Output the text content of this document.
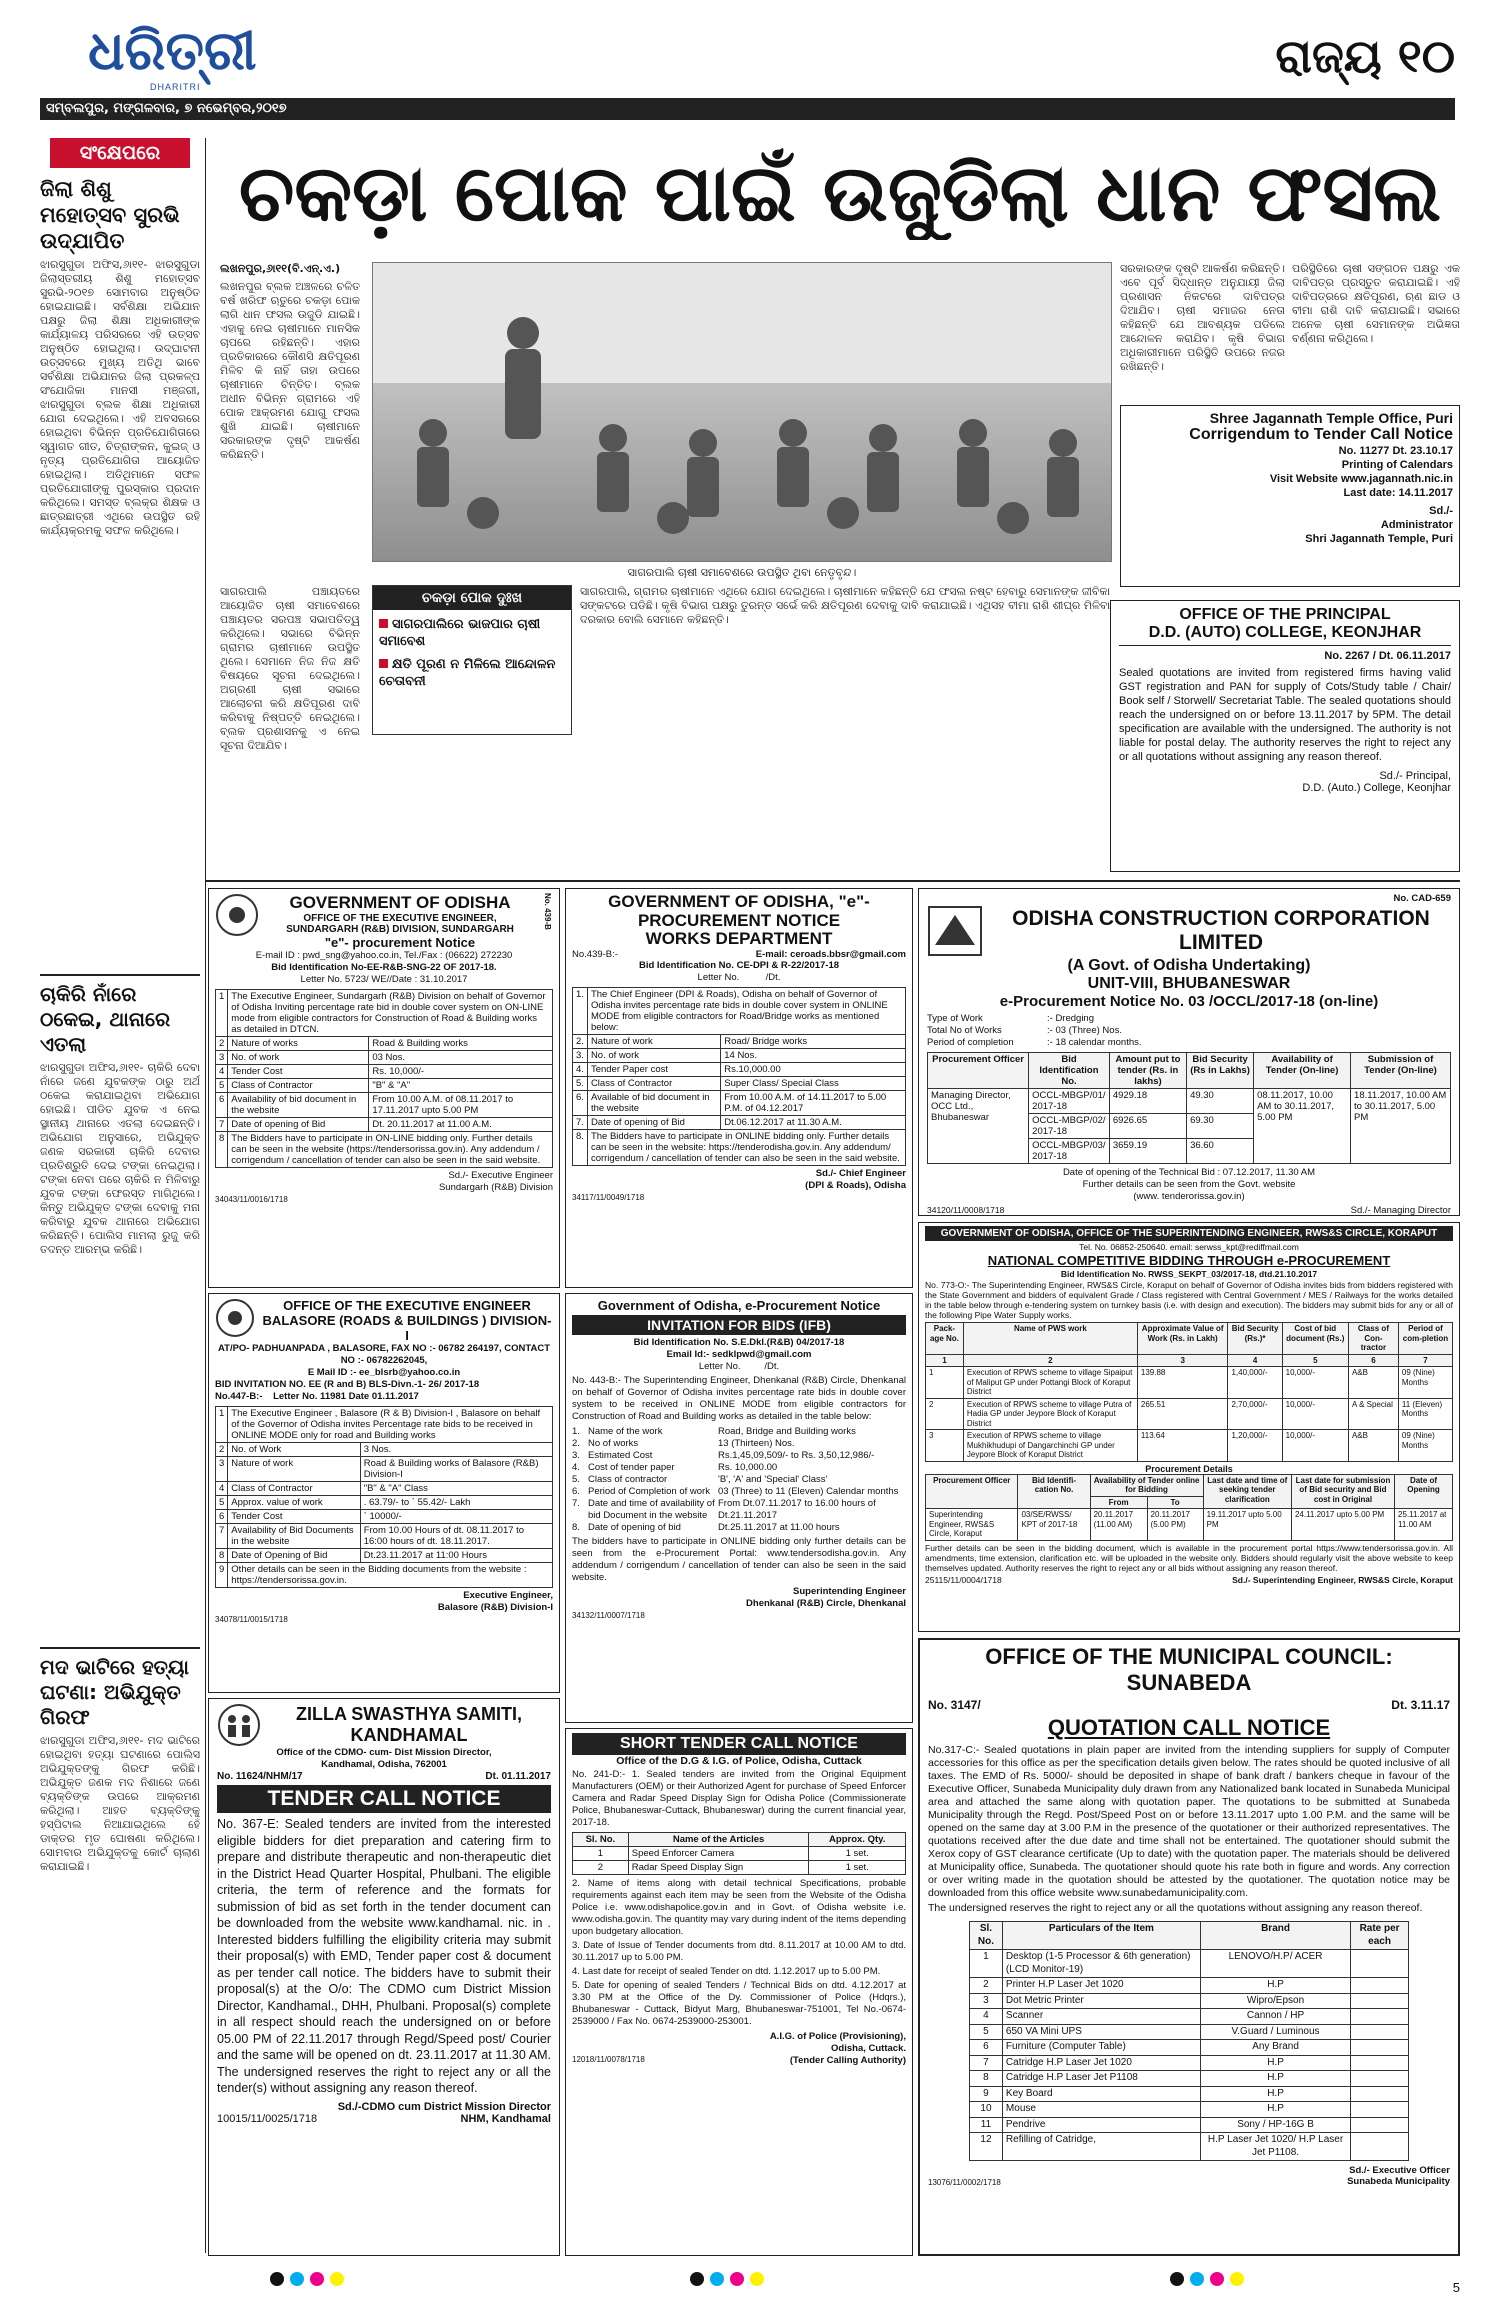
ଧରିତ୍ରୀ
DHARITRI
ସମ୍ବଲପୁର, ମଙ୍ଗଳବାର, ୭ ନଭେମ୍ବର,୨୦୧୭
ରାଜ୍ୟ ୧୦
ସଂକ୍ଷେପରେ
ଜିଲା ଶିଶୁ ମହୋତ୍ସବ ସୁରଭି ଉଦ୍‌ଯାପିତ
ଝାରସୁଗୁଡା ଅଫିସ,୬ା୧୧- ଝାରସୁଗୁଡା ଜିଲାସ୍ତରୀୟ ଶିଶୁ ମହୋତ୍ସବ ସୁରଭି-୨୦୧୭ ସୋମବାର ଅନୁଷ୍ଠିତ ହୋଇଯାଇଛି। ସର୍ବଶିକ୍ଷା ଅଭିଯାନ ପକ୍ଷରୁ ଜିଲା ଶିକ୍ଷା ଅଧିକାରୀଙ୍କ କାର୍ଯ୍ୟାଳୟ ପରିସରରେ ଏହି ଉତ୍ସବ ଅନୁଷ୍ଠିତ ହୋଇଥିଲା। ଉଦ୍‌ଘାଟନୀ ଉତ୍ସବରେ ମୁଖ୍ୟ ଅତିଥି ଭାବେ ସର୍ବଶିକ୍ଷା ଅଭିଯାନର ଜିଲା ପ୍ରକଳ୍ପ ସଂଯୋଜିକା ମାନସୀ ମଞ୍ଜରୀ, ଝାରସୁଗୁଡା ବ୍ଲକ ଶିକ୍ଷା ଅଧିକାରୀ ଯୋଗ ଦେଇଥିଲେ। ଏହି ଅବସରରେ ହୋଇଥିବା ବିଭିନ୍ନ ପ୍ରତିଯୋଗିତାରେ ସ୍ୱାଗତ ଗୀତ, ଚିତ୍ରାଙ୍କନ, କୁଇଜ୍‌ ଓ ନୃତ୍ୟ ପ୍ରତିଯୋଗିତା ଆୟୋଜିତ ହୋଇଥିଲା। ଅତିଥିମାନେ ସଫଳ ପ୍ରତିଯୋଗୀଙ୍କୁ ପୁରସ୍କାର ପ୍ରଦାନ କରିଥିଲେ। ସମସ୍ତ ବ୍ଲକ୍‌ର ଶିକ୍ଷକ ଓ ଛାତ୍ରଛାତ୍ରୀ ଏଥିରେ ଉପସ୍ଥିତ ରହି କାର୍ଯ୍ୟକ୍ରମକୁ ସଫଳ କରିଥିଲେ।
ଚାକିରି ନାଁରେ ଠକେଇ, ଥାନାରେ ଏତଲା
ଝାରସୁଗୁଡା ଅଫିସ,୬ା୧୧- ଚାକିରି ଦେବା ନାଁରେ ଜଣେ ଯୁବକଙ୍କ ଠାରୁ ଅର୍ଥ ଠକେଇ କରାଯାଇଥିବା ଅଭିଯୋଗ ହୋଇଛି। ପୀଡିତ ଯୁବକ ଏ ନେଇ ସ୍ଥାନୀୟ ଥାନାରେ ଏତଲା ଦେଇଛନ୍ତି। ଅଭିଯୋଗ ଅନୁସାରେ, ଅଭିଯୁକ୍ତ ଜଣକ ସରକାରୀ ଚାକିରି ଦେବାର ପ୍ରତିଶ୍ରୁତି ଦେଇ ଟଙ୍କା ନେଇଥିଲା। ଟଙ୍କା ନେବା ପରେ ଚାକିରି ନ ମିଳିବାରୁ ଯୁବକ ଟଙ୍କା ଫେରସ୍ତ ମାଗିଥିଲେ। କିନ୍ତୁ ଅଭିଯୁକ୍ତ ଟଙ୍କା ଦେବାକୁ ମନା କରିବାରୁ ଯୁବକ ଥାନାରେ ଅଭିଯୋଗ କରିଛନ୍ତି। ପୋଲିସ ମାମଲା ରୁଜୁ କରି ତଦନ୍ତ ଆରମ୍ଭ କରିଛି।
ମଦ ଭାଟିରେ ହତ୍ୟା ଘଟଣା: ଅଭିଯୁକ୍ତ ଗିରଫ
ଝାରସୁଗୁଡା ଅଫିସ,୬ା୧୧- ମଦ ଭାଟିରେ ହୋଇଥିବା ହତ୍ୟା ଘଟଣାରେ ପୋଲିସ ଅଭିଯୁକ୍ତଙ୍କୁ ଗିରଫ କରିଛି। ଅଭିଯୁକ୍ତ ଜଣକ ମଦ ନିଶାରେ ଜଣେ ବ୍ୟକ୍ତିଙ୍କ ଉପରେ ଆକ୍ରମଣ କରିଥିଲା। ଆହତ ବ୍ୟକ୍ତିଙ୍କୁ ହସ୍ପିଟାଲ ନିଆଯାଇଥିଲେ ହେଁ ଡାକ୍ତର ମୃତ ଘୋଷଣା କରିଥିଲେ। ସୋମବାର ଅଭିଯୁକ୍ତକୁ କୋର୍ଟ ଚାଲାଣ କରାଯାଇଛି।
ଚକଡ଼ା ପୋକ ପାଇଁ ଉଜୁଡିଲା ଧାନ ଫସଲ
ଲଖନପୁର,୬ା୧୧(ବି.ଏନ୍‌.ଏ.)
ଲଖନପୁର ବ୍ଲକ ଅଞ୍ଚଳରେ ଚଳିତ ବର୍ଷ ଖରିଫ ଋତୁରେ ଚକଡ଼ା ପୋକ ଲାଗି ଧାନ ଫସଲ ଉଜୁଡି ଯାଇଛି। ଏହାକୁ ନେଇ ଚାଷୀମାନେ ମାନସିକ ଚାପରେ ରହିଛନ୍ତି। ଏହାର ପ୍ରତିକାରରେ କୌଣସି କ୍ଷତିପୂରଣ ମିଳିବ କି ନାହିଁ ତାହା ଉପରେ ଚାଷୀମାନେ ଚିନ୍ତିତ। ବ୍ଲକ ଅଧୀନ ବିଭିନ୍ନ ଗ୍ରାମରେ ଏହି ପୋକ ଆକ୍ରମଣ ଯୋଗୁ ଫସଲ ଶୁଖି ଯାଇଛି। ଚାଷୀମାନେ ସରକାରଙ୍କ ଦୃଷ୍ଟି ଆକର୍ଷଣ କରିଛନ୍ତି।
ସାଗରପାଲି ଚାଷୀ ସମାବେଶରେ ଉପସ୍ଥିତ ଥିବା ନେତୃବୃନ୍ଦ।
ସରକାରଙ୍କ ଦୃଷ୍ଟି ଆକର୍ଷଣ କରିଛନ୍ତି। ଏବେ ପୂର୍ବ ସିଦ୍ଧାନ୍ତ ଅନୁଯାୟୀ ଜିଲା ପ୍ରଶାସନ ନିକଟରେ ଦାବିପତ୍ର ଦିଆଯିବ। ଚାଷୀ ସମାଜର ନେତା କହିଛନ୍ତି ଯେ ଆବଶ୍ୟକ ପଡିଲେ ଆନ୍ଦୋଳନ କରାଯିବ। କୃଷି ବିଭାଗ ଅଧିକାରୀମାନେ ପରିସ୍ଥିତି ଉପରେ ନଜର ରଖିଛନ୍ତି।
ପରିସ୍ଥିତିରେ ଚାଷୀ ସଙ୍ଗଠନ ପକ୍ଷରୁ ଏକ ଦାବିପତ୍ର ପ୍ରସ୍ତୁତ କରାଯାଇଛି। ଏହି ଦାବିପତ୍ରରେ କ୍ଷତିପୂରଣ, ଋଣ ଛାଡ ଓ ବୀମା ରାଶି ଦାବି କରାଯାଇଛି। ସଭାରେ ଅନେକ ଚାଷୀ ସେମାନଙ୍କ ଅଭିଜ୍ଞତା ବର୍ଣ୍ଣନା କରିଥିଲେ।
Shree Jagannath Temple Office, Puri
Corrigendum to Tender Call Notice
No. 11277 Dt. 23.10.17
Printing of Calendars
Visit Website www.jagannath.nic.in
Last date: 14.11.2017
Sd./-
Administrator
Shri Jagannath Temple, Puri
ସାଗରପାଲି ପଞ୍ଚାୟତରେ ଆୟୋଜିତ ଚାଷୀ ସମାବେଶରେ ପଞ୍ଚାୟତର ସରପଞ୍ଚ ସଭାପତିତ୍ୱ କରିଥିଲେ। ସଭାରେ ବିଭିନ୍ନ ଗ୍ରାମର ଚାଷୀମାନେ ଉପସ୍ଥିତ ଥିଲେ। ସେମାନେ ନିଜ ନିଜ କ୍ଷତି ବିଷୟରେ ସୂଚନା ଦେଇଥିଲେ। ଅଗ୍ରଣୀ ଚାଷୀ ସଭାରେ ଆଲୋଚନା କରି କ୍ଷତିପୂରଣ ଦାବି କରିବାକୁ ନିଷ୍ପତ୍ତି ନେଇଥିଲେ। ବ୍ଲକ ପ୍ରଶାସନକୁ ଏ ନେଇ ସୂଚନା ଦିଆଯିବ।
ଚକଡ଼ା ପୋକ ଦୁଃଖ
ସାଗରପାଲିରେ ଭାଜପାର ଚାଷୀ ସମାବେଶ
କ୍ଷତି ପୂରଣ ନ ମିଳିଲେ ଆନ୍ଦୋଳନ ଚେତାବନୀ
ସାଗରପାଲି, ଗ୍ରାମର ଚାଷୀମାନେ ଏଥିରେ ଯୋଗ ଦେଇଥିଲେ। ଚାଷୀମାନେ କହିଛନ୍ତି ଯେ ଫସଲ ନଷ୍ଟ ହେବାରୁ ସେମାନଙ୍କ ଜୀବିକା ସଙ୍କଟରେ ପଡିଛି। କୃଷି ବିଭାଗ ପକ୍ଷରୁ ତୁରନ୍ତ ସର୍ଭେ କରି କ୍ଷତିପୂରଣ ଦେବାକୁ ଦାବି କରାଯାଇଛି। ଏଥିସହ ବୀମା ରାଶି ଶୀଘ୍ର ମିଳିବା ଦରକାର ବୋଲି ସେମାନେ କହିଛନ୍ତି।	OFFICE OF THE PRINCIPAL
D.D. (AUTO) COLLEGE, KEONJHAR
No. 2267 / Dt. 06.11.2017
Sealed quotations are invited from registered firms having valid GST registration and PAN for supply of Cots/Study table / Chair/ Book self / Storwell/ Secretariat Table. The sealed quotations should reach the undersigned on or before 13.11.2017 by 5PM. The detail specification are available with the undersigned. The authority is not liable for postal delay. The authority reserves the right to reject any or all quotations without assigning any reason thereof.
Sd./- Principal,
D.D. (Auto.) College, Keonjhar
GOVERNMENT OF ODISHA
OFFICE OF THE EXECUTIVE ENGINEER,
SUNDARGARH (R&B) DIVISION, SUNDARGARH
"e"- procurement Notice
No. 439-B
E-mail ID : pwd_sng@yahoo.co.in, Tel./Fax : (06622) 272230
Bid Identification No-EE-R&B-SNG-22 OF 2017-18.
Letter No. 5723/ WE//Date : 31.10.2017
1	The Executive Engineer, Sundargarh (R&B) Division on behalf of Governor of Odisha Inviting percentage rate bid in double cover system on ON-LINE mode from eligible contractors for Construction of Road & Building works as detailed in DTCN.	
2	Nature of works	Road & Building works
3	No. of work	03 Nos.
4	Tender Cost	Rs. 10,000/-
5	Class of Contractor	"B" & "A"
6	Availability of bid document in the website	From 10.00 A.M. of 08.11.2017 to 17.11.2017 upto 5.00 PM
7	Date of opening of Bid	Dt. 20.11.2017 at 11.00 A.M.
8	The Bidders have to participate in ON-LINE bidding only. Further details can be seen in the website (https://tendersorissa.gov.in). Any addendum / corrigendum / cancellation of tender can also be seen in the said website.	
Sd./- Executive Engineer
Sundargarh (R&B) Division
34043/11/0016/1718
GOVERNMENT OF ODISHA, "e"-
PROCUREMENT NOTICE
WORKS DEPARTMENT
No.439-B:-	E-mail: ceroads.bbsr@gmail.com
Bid Identification No. CE-DPI & R-22/2017-18
Letter No.	/Dt.
1.	The Chief Engineer (DPI & Roads), Odisha on behalf of Governor of Odisha invites percentage rate bids in double cover system in ONLINE MODE from eligible contractors for Road/Bridge works as mentioned below:	
2.	Nature of work	Road/ Bridge works
3.	No. of work	14 Nos.
4.	Tender Paper cost	Rs.10,000.00
5.	Class of Contractor	Super Class/ Special Class
6.	Available of bid document in the website	From 10.00 A.M. of 14.11.2017 to 5.00 P.M. of 04.12.2017
7.	Date of opening of Bid	Dt.06.12.2017 at 11.30 A.M.
8.	The Bidders have to participate in ONLINE bidding only. Further details can be seen in the website: https://tenderodisha.gov.in. Any addendum/ corrigendum / cancellation of tender can also be seen in the said website.	
Sd./- Chief Engineer
(DPI & Roads), Odisha
34117/11/0049/1718
No. CAD-659
ODISHA CONSTRUCTION CORPORATION LIMITED
(A Govt. of Odisha Undertaking)
UNIT-VIII, BHUBANESWAR
e-Procurement Notice No. 03 /OCCL/2017-18 (on-line)
Type of Work	:- Dredging
Total No of Works	:- 03 (Three) Nos.
Period of completion	:- 18 calendar months.
Procurement Officer	Bid Identification No.	Amount put to tender (Rs. in lakhs)	Bid Security (Rs in Lakhs)	Availability of Tender (On-line)	Submission of Tender (On-line)
Managing Director, OCC Ltd., Bhubaneswar	OCCL-MBGP/01/ 2017-18	4929.18	49.30	08.11.2017, 10.00 AM to 30.11.2017, 5.00 PM	18.11.2017, 10.00 AM to 30.11.2017, 5.00 PM
	OCCL-MBGP/02/ 2017-18	6926.65	69.30		
	OCCL-MBGP/03/ 2017-18	3659.19	36.60		
Date of opening of the Technical Bid : 07.12.2017, 11.30 AM
Further details can be seen from the Govt. website
(www. tenderorissa.gov.in)
34120/11/0008/1718	Sd./- Managing Director
OFFICE OF THE EXECUTIVE ENGINEER
BALASORE (ROADS & BUILDINGS ) DIVISION-I
AT/PO- PADHUANPADA , BALASORE, FAX NO :- 06782 264197, CONTACT NO :- 06782262045,
E Mail ID :- ee_blsrb@yahoo.co.in
BID INVITATION NO. EE (R and B) BLS-Divn.-1- 26/ 2017-18
No.447-B:- Letter No. 11981 Date 01.11.2017
1	The Executive Engineer , Balasore (R & B) Division-I , Balasore on behalf of the Governor of Odisha invites Percentage rate bids to be received in ONLINE MODE only for road and Building works	
2	No. of Work	3 Nos.
3	Nature of work	Road & Building works of Balasore (R&B) Division-I
4	Class of Contractor	"B" & "A" Class
5	Approx. value of work	. 63.79/- to ` 55.42/- Lakh
6	Tender Cost	` 10000/-
7	Availability of Bid Documents in the website	From 10.00 Hours of dt. 08.11.2017 to 16:00 hours of dt. 18.11.2017.
8	Date of Opening of Bid	Dt.23.11.2017 at 11:00 Hours
9	Other details can be seen in the Bidding documents from the website : https://tendersorissa.gov.in.	
Executive Engineer,
Balasore (R&B) Division-I
34078/11/0015/1718
Government of Odisha, e-Procurement Notice
INVITATION FOR BIDS (IFB)
Bid Identification No. S.E.Dkl.(R&B) 04/2017-18
Email Id:- sedklpwd@gmail.com
Letter No.	/Dt.
No. 443-B:- The Superintending Engineer, Dhenkanal (R&B) Circle, Dhenkanal on behalf of Governor of Odisha invites percentage rate bids in double cover system to be received in ONLINE MODE from eligible contractors for Construction of Road and Building works as detailed in the table below:
1. Name of the work	Road, Bridge and Building works
2. No of works	13 (Thirteen) Nos.
3. Estimated Cost	Rs.1,45,09,509/- to Rs. 3,50,12,986/-
4. Cost of tender paper	Rs. 10,000.00
5. Class of contractor	'B', 'A' and 'Special' Class'
6. Period of Completion of work 03 (Three) to 11 (Eleven) Calendar months
7. Date and time of availability of bid Document in the website
From Dt.07.11.2017 to 16.00 hours of Dt.21.11.2017
8. Date of opening of bid	Dt.25.11.2017 at 11.00 hours
The bidders have to participate in ONLINE bidding only further details can be seen from the e-Procurement Portal: www.tendersodisha.gov.in. Any addendum / corrigendum / cancellation of tender can also be seen in the said website.
Superintending Engineer
Dhenkanal (R&B) Circle, Dhenkanal
34132/11/0007/1718
GOVERNMENT OF ODISHA, OFFICE OF THE SUPERINTENDING ENGINEER, RWS&S CIRCLE, KORAPUT
Tel. No. 06852-250640. email: serwss_kpt@rediffmail.com
NATIONAL COMPETITIVE BIDDING THROUGH e-PROCUREMENT
Bid Identification No. RWSS_SEKPT_03/2017-18, dtd.21.10.2017
No. 773-O:- The Superintending Engineer, RWS&S Circle, Koraput on behalf of Governor of Odisha invites bids from bidders registered with the State Government and bidders of equivalent Grade / Class registered with Central Government / MES / Railways for the works detailed in the table below through e-tendering system on turnkey basis (i.e. with design and execution). The bidders may submit bids for any or all of the following Pipe Water Supply works.
Pack-age No.	Name of PWS work	Approximate Value of Work (Rs. in Lakh)	Bid Security (Rs.)*	Cost of bid document (Rs.)	Class of Con-tractor	Period of com-pletion
1	2	3	4	5	6	7
1	Execution of RPWS scheme to village Sipaiput of Maliput GP under Pottangi Block of Koraput District	139.88	1,40,000/-	10,000/-	A&B	09 (Nine) Months
2	Execution of RPWS scheme to village Putra of Hadia GP under Jeypore Block of Koraput District	265.51	2,70,000/-	10,000/-	A & Special	11 (Eleven) Months
3	Execution of RPWS scheme to village Mukhikhudupi of Dangarchinchi GP under Jeypore Block of Koraput District	113.64	1,20,000/-	10,000/-	A&B	09 (Nine) Months
Procurement Details
Procurement Officer	Bid Identifi-cation No.	Availability of Tender online for Bidding		Last date and time of seeking tender clarification	Last date for submission of Bid security and Bid cost in Original	Date of Opening
		From	To			
Superintending Engineer, RWS&S Circle, Koraput	03/SE/RWSS/ KPT of 2017-18	20.11.2017 (11.00 AM)	20.11.2017 (5.00 PM)	19.11.2017 upto 5.00 PM	24.11.2017 upto 5.00 PM	25.11.2017 at 11.00 AM
Further details can be seen in the bidding document, which is available in the procurement portal https://www.tendersorissa.gov.in. All amendments, time extension, clarification etc. will be uploaded in the website only. Bidders should regularly visit the above website to keep themselves updated. Authority reserves the right to reject any or all bids without assigning any reason thereof.
25115/11/0004/1718	Sd./- Superintending Engineer, RWS&S Circle, Koraput
OFFICE OF THE MUNICIPAL COUNCIL: SUNABEDA
No. 3147/	Dt. 3.11.17
QUOTATION CALL NOTICE
No.317-C:- Sealed quotations in plain paper are invited from the intending suppliers for supply of Computer accessories for this office as per the specification details given below. The rates should be quoted inclusive of all taxes. The EMD of Rs. 5000/- should be deposited in shape of bank draft / bankers cheque in favour of the Executive Officer, Sunabeda Municipality duly drawn from any Nationalized bank located in Sunabeda Municipal area and attached the same along with quotation paper. The quotations to be submitted at Sunabeda Municipality through the Regd. Post/Speed Post on or before 13.11.2017 upto 1.00 P.M. and the same will be opened on the same day at 3.00 P.M in the presence of the quotationer or their authorized representatives. The quotations received after the due date and time shall not be entertained. The quotationer should submit the Xerox copy of GST clearance certificate (Up to date) with the quotation paper. The materials should be delivered at Municipality office, Sunabeda. The quotationer should quote his rate both in figure and words. Any correction or over writing made in the quotation should be attested by the quotationer. The quotation notice may be downloaded from this office website www.sunabedamunicipality.com.
The undersigned reserves the right to reject any or all the quotations without assigning any reason thereof.
Sl. No.	Particulars of the Item	Brand	Rate per each
1	Desktop (1-5 Processor & 6th generation) (LCD Monitor-19)	LENOVO/H.P/ ACER	
2	Printer H.P Laser Jet 1020	H.P	
3	Dot Metric Printer	Wipro/Epson	
4	Scanner	Cannon / HP	
5	650 VA Mini UPS	V.Guard / Luminous	
6	Furniture (Computer Table)	Any Brand	
7	Catridge H.P Laser Jet 1020	H.P	
8	Catridge H.P Laser Jet P1108	H.P	
9	Key Board	H.P	
10	Mouse	H.P	
11	Pendrive	Sony / HP-16G B	
12	Refilling of Catridge,	H.P Laser Jet 1020/ H.P Laser Jet P1108.	
13076/11/0002/1718
Sd./- Executive Officer
Sunabeda Municipality
ZILLA SWASTHYA SAMITI,
KANDHAMAL
Office of the CDMO- cum- Dist Mission Director,
Kandhamal, Odisha, 762001
No. 11624/NHM/17	Dt. 01.11.2017
TENDER CALL NOTICE
No. 367-E: Sealed tenders are invited from the interested eligible bidders for diet preparation and catering firm to prepare and distribute therapeutic and non-therapeutic diet in the District Head Quarter Hospital, Phulbani. The eligible criteria, the term of reference and the formats for submission of bid as set forth in the tender document can be downloaded from the website www.kandhamal. nic. in . Interested bidders fulfilling the eligibility criteria may submit their proposal(s) with EMD, Tender paper cost & document as per tender call notice. The bidders have to submit their proposal(s) at the O/o: The CDMO cum District Mission Director, Kandhamal., DHH, Phulbani. Proposal(s) complete in all respect should reach the undersigned on or before 05.00 PM of 22.11.2017 through Regd/Speed post/ Courier and the same will be opened on dt. 23.11.2017 at 11.30 AM. The undersigned reserves the right to reject any or all the tender(s) without assigning any reason thereof.
Sd./-CDMO cum District Mission Director
10015/11/0025/1718	NHM, Kandhamal
SHORT TENDER CALL NOTICE
Office of the D.G & I.G. of Police, Odisha, Cuttack
No. 241-D:- 1. Sealed tenders are invited from the Original Equipment Manufacturers (OEM) or their Authorized Agent for purchase of Speed Enforcer Camera and Radar Speed Display Sign for Odisha Police (Commissionerate Police, Bhubaneswar-Cuttack, Bhubaneswar) during the current financial year, 2017-18.
Sl. No.	Name of the Articles	Approx. Qty.
1	Speed Enforcer Camera	1 set.
2	Radar Speed Display Sign	1 set.
2. Name of items along with detail technical Specifications, probable requirements against each item may be seen from the Website of the Odisha Police i.e. www.odishapolice.gov.in and in Govt. of Odisha website i.e. www.odisha.gov.in. The quantity may vary during indent of the items depending upon budgetary allocation.
3. Date of Issue of Tender documents from dtd. 8.11.2017 at 10.00 AM to dtd. 30.11.2017 up to 5.00 PM.
4. Last date for receipt of sealed Tender on dtd. 1.12.2017 up to 5.00 PM.
5. Date for opening of sealed Tenders / Technical Bids on dtd. 4.12.2017 at 3.30 PM at the Office of the Dy. Commissioner of Police (Hdqrs.), Bhubaneswar - Cuttack, Bidyut Marg, Bhubaneswar-751001, Tel No.-0674-2539000 / Fax No. 0674-2539000-253001.
A.I.G. of Police (Provisioning),
Odisha, Cuttack.
12018/11/0078/1718	(Tender Calling Authority)
5
